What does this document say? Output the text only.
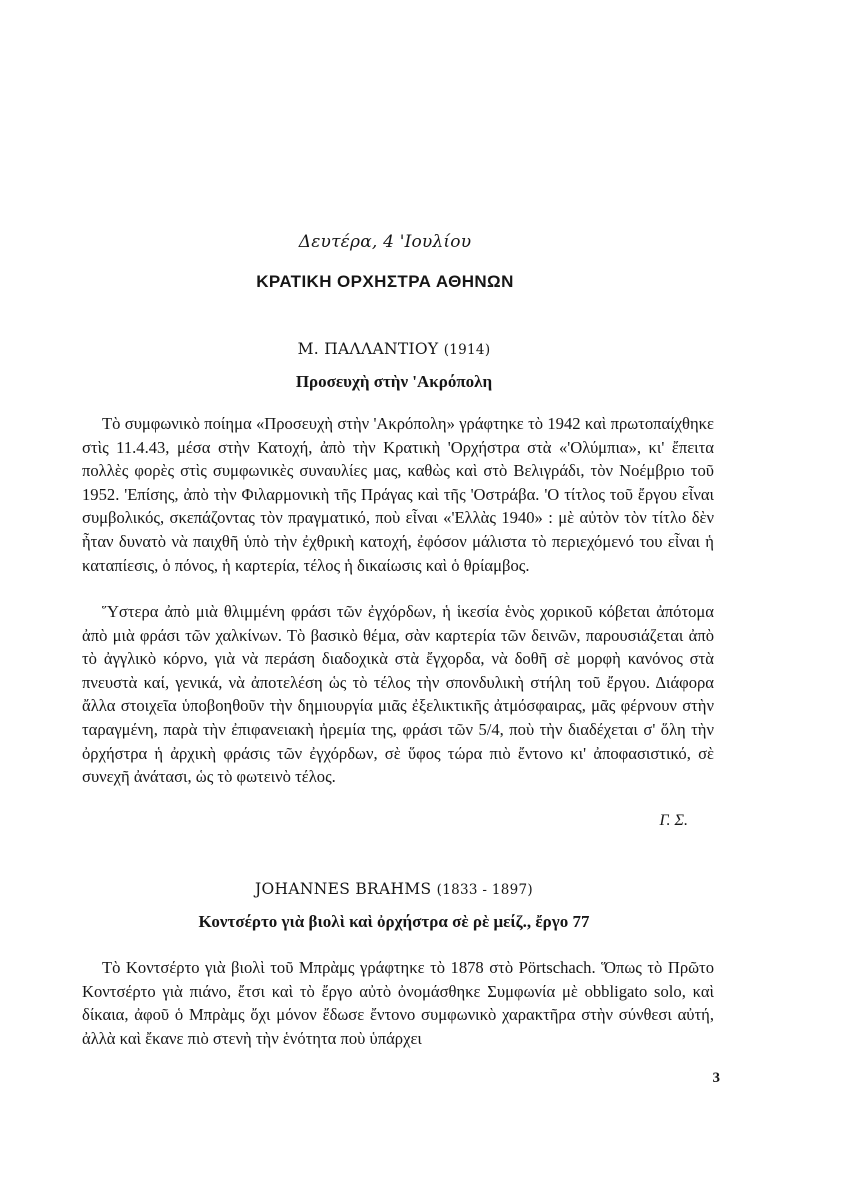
Δευτέρα, 4 'Ιουλίου
ΚΡΑΤΙΚΗ ΟΡΧΗΣΤΡΑ ΑΘΗΝΩΝ
Μ. ΠΑΛΛΑΝΤΙΟΥ (1914)
Προσευχὴ στὴν 'Ακρόπολη

Τὸ συμφωνικὸ ποίημα «Προσευχὴ στὴν 'Ακρόπολη» γράφτηκε τὸ 1942 καὶ πρωτοπαίχθηκε στὶς 11.4.43, μέσα στὴν Κατοχή, ἀπὸ τὴν Κρατικὴ 'Ορχήστρα στὰ «'Ολύμπια», κι' ἔπειτα πολλὲς φορὲς στὶς συμφωνικὲς συναυλίες μας, καθὼς καὶ στὸ Βελιγράδι, τὸν Νοέμβριο τοῦ 1952. 'Επίσης, ἀπὸ τὴν Φιλαρμονικὴ τῆς Πράγας καὶ τῆς 'Οστράβα. 'Ο τίτλος τοῦ ἔργου εἶναι συμβολικός, σκεπάζοντας τὸν πραγματικό, ποὺ εἶναι «'Ελλὰς 1940» : μὲ αὐτὸν τὸν τίτλο δὲν ἦταν δυνατὸ νὰ παιχθῆ ὑπὸ τὴν ἐχθρικὴ κατοχή, ἐφόσον μάλιστα τὸ περιεχόμενό του εἶναι ἡ καταπίεσις, ὁ πόνος, ἡ καρτερία, τέλος ἡ δικαίωσις καὶ ὁ θρίαμβος.

Ὕστερα ἀπὸ μιὰ θλιμμένη φράσι τῶν ἐγχόρδων, ἡ ἱκεσία ἑνὸς χορικοῦ κόβεται ἀπότομα ἀπὸ μιὰ φράσι τῶν χαλκίνων. Τὸ βασικὸ θέμα, σὰν καρτερία τῶν δεινῶν, παρουσιάζεται ἀπὸ τὸ ἀγγλικὸ κόρνο, γιὰ νὰ περάση διαδοχικὰ στὰ ἔγχορδα, νὰ δοθῆ σὲ μορφὴ κανόνος στὰ πνευστὰ καί, γενικά, νὰ ἀποτελέση ὡς τὸ τέλος τὴν σπονδυλικὴ στήλη τοῦ ἔργου. Διάφορα ἄλλα στοιχεῖα ὑποβοηθοῦν τὴν δημιουργία μιᾶς ἐξελικτικῆς ἀτμόσφαιρας, μᾶς φέρνουν στὴν ταραγμένη, παρὰ τὴν ἐπιφανειακὴ ἠρεμία της, φράσι τῶν 5/4, ποὺ τὴν διαδέχεται σ' ὅλη τὴν ὀρχήστρα ἡ ἀρχικὴ φράσις τῶν ἐγχόρδων, σὲ ὕφος τώρα πιὸ ἔντονο κι' ἀποφασιστικό, σὲ συνεχῆ ἀνάτασι, ὡς τὸ φωτεινὸ τέλος.

Γ. Σ.
JOHANNES BRAHMS (1833 - 1897)
Κοντσέρτο γιὰ βιολὶ καὶ ὀρχήστρα σὲ ρὲ μείζ., ἔργο 77

Τὸ Κοντσέρτο γιὰ βιολὶ τοῦ Μπρὰμς γράφτηκε τὸ 1878 στὸ Pörtschach. Ὅπως τὸ Πρῶτο Κοντσέρτο γιὰ πιάνο, ἔτσι καὶ τὸ ἔργο αὐτὸ ὀνομάσθηκε Συμφωνία μὲ obbligato solo, καὶ δίκαια, ἀφοῦ ὁ Μπρὰμς ὄχι μόνον ἔδωσε ἔντονο συμφωνικὸ χαρακτῆρα στὴν σύνθεσι αὐτή, ἀλλὰ καὶ ἔκανε πιὸ στενὴ τὴν ἑνότητα ποὺ ὑπάρχει

3
